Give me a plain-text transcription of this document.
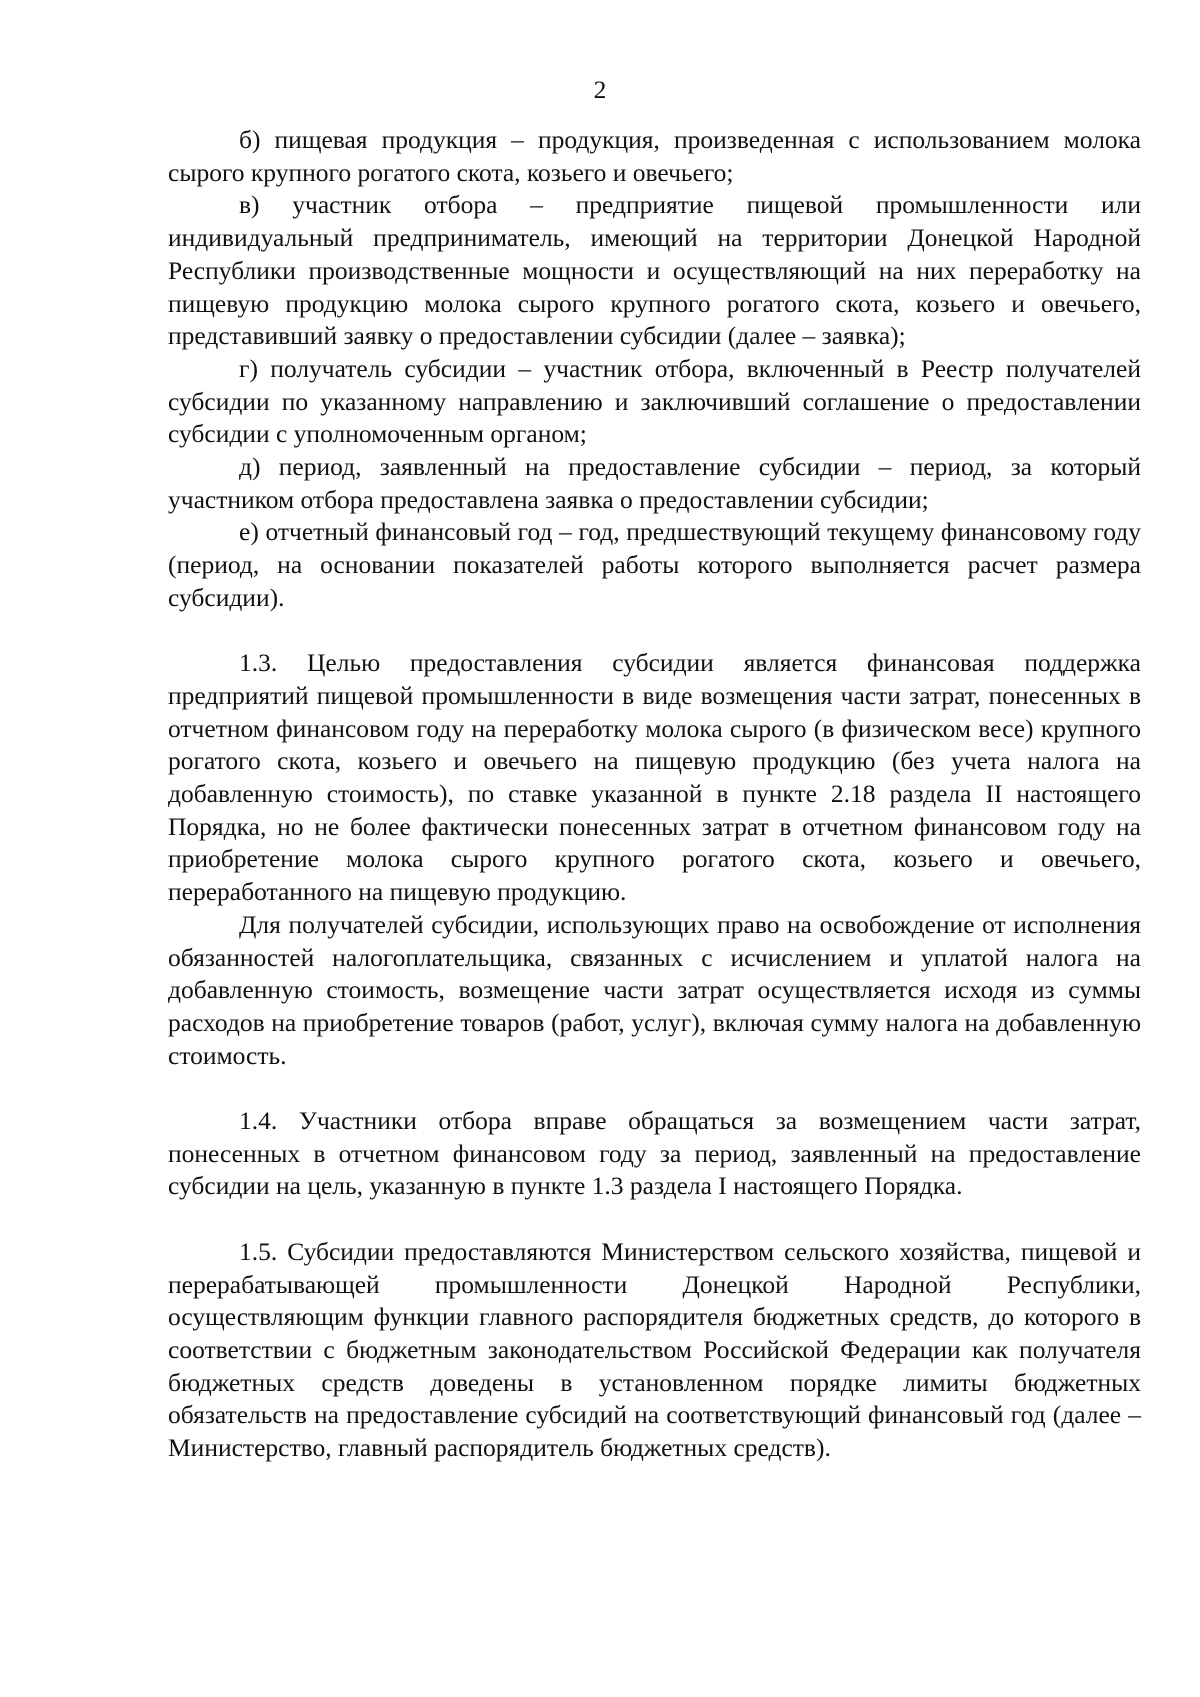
2

б) пищевая продукция – продукция, произведенная с использованием молока сырого крупного рогатого скота, козьего и овечьего;

в) участник отбора – предприятие пищевой промышленности или индивидуальный предприниматель, имеющий на территории Донецкой Народной Республики производственные мощности и осуществляющий на них переработку на пищевую продукцию молока сырого крупного рогатого скота, козьего и овечьего, представивший заявку о предоставлении субсидии (далее – заявка);

г) получатель субсидии – участник отбора, включенный в Реестр получателей субсидии по указанному направлению и заключивший соглашение о предоставлении субсидии с уполномоченным органом;

д) период, заявленный на предоставление субсидии – период, за который участником отбора предоставлена заявка о предоставлении субсидии;

е) отчетный финансовый год – год, предшествующий текущему финансовому году (период, на основании показателей работы которого выполняется расчет размера субсидии).

1.3. Целью предоставления субсидии является финансовая поддержка предприятий пищевой промышленности в виде возмещения части затрат, понесенных в отчетном финансовом году на переработку молока сырого (в физическом весе) крупного рогатого скота, козьего и овечьего на пищевую продукцию (без учета налога на добавленную стоимость), по ставке указанной в пункте 2.18 раздела II настоящего Порядка, но не более фактически понесенных затрат в отчетном финансовом году на приобретение молока сырого крупного рогатого скота, козьего и овечьего, переработанного на пищевую продукцию.

Для получателей субсидии, использующих право на освобождение от исполнения обязанностей налогоплательщика, связанных с исчислением и уплатой налога на добавленную стоимость, возмещение части затрат осуществляется исходя из суммы расходов на приобретение товаров (работ, услуг), включая сумму налога на добавленную стоимость.

1.4. Участники отбора вправе обращаться за возмещением части затрат, понесенных в отчетном финансовом году за период, заявленный на предоставление субсидии на цель, указанную в пункте 1.3 раздела I настоящего Порядка.

1.5. Субсидии предоставляются Министерством сельского хозяйства, пищевой и перерабатывающей промышленности Донецкой Народной Республики, осуществляющим функции главного распорядителя бюджетных средств, до которого в соответствии с бюджетным законодательством Российской Федерации как получателя бюджетных средств доведены в установленном порядке лимиты бюджетных обязательств на предоставление субсидий на соответствующий финансовый год (далее – Министерство, главный распорядитель бюджетных средств).
